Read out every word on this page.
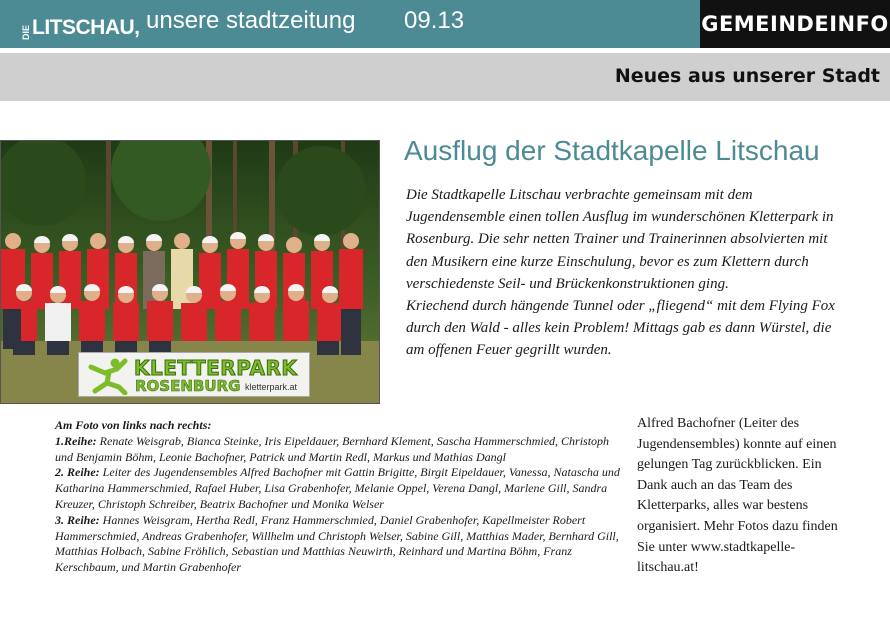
DIE LITSCHAU, unsere stadtzeitung 09.13	GEMEINDEINFO
Neues aus unserer Stadt
KLETTERPARK
ROSENBURG kletterpark.at
Ausflug der Stadtkapelle Litschau

Die Stadtkapelle Litschau verbrachte gemeinsam mit dem Jugendensemble einen tollen Ausflug im wunderschönen Kletterpark in Rosenburg. Die sehr netten Trainer und Trainerinnen absolvierten mit den Musikern eine kurze Einschulung, bevor es zum Klettern durch verschiedenste Seil- und Brückenkonstruktionen ging.

Kriechend durch hängende Tunnel oder „fliegend“ mit dem Flying Fox durch den Wald - alles kein Problem! Mittags gab es dann Würstel, die am offenen Feuer gegrillt wurden.

Am Foto von links nach rechts:

1.Reihe: Renate Weisgrab, Bianca Steinke, Iris Eipeldauer, Bernhard Klement, Sascha Hammerschmied, Christoph und Benjamin Böhm, Leonie Bachofner, Patrick und Martin Redl, Markus und Mathias Dangl

2. Reihe: Leiter des Jugendensembles Alfred Bachofner mit Gattin Brigitte, Birgit Eipeldauer, Vanessa, Natascha und Katharina Hammerschmied, Rafael Huber, Lisa Grabenhofer, Melanie Oppel, Verena Dangl, Marlene Gill, Sandra Kreuzer, Christoph Schreiber, Beatrix Bachofner und Monika Welser

3. Reihe: Hannes Weisgram, Hertha Redl, Franz Hammerschmied, Daniel Grabenhofer, Kapellmeister Robert Hammerschmied, Andreas Grabenhofer, Willhelm und Christoph Welser, Sabine Gill, Matthias Mader, Bernhard Gill, Matthias Holbach, Sabine Fröhlich, Sebastian und Matthias Neuwirth, Reinhard und Martina Böhm, Franz Kerschbaum, und Martin Grabenhofer

Alfred Bachofner (Leiter des Jugendensembles) konnte auf einen gelungen Tag zurückblicken. Ein Dank auch an das Team des Kletterparks, alles war bestens organisiert. Mehr Fotos dazu finden Sie unter www.stadtkapelle-litschau.at!
